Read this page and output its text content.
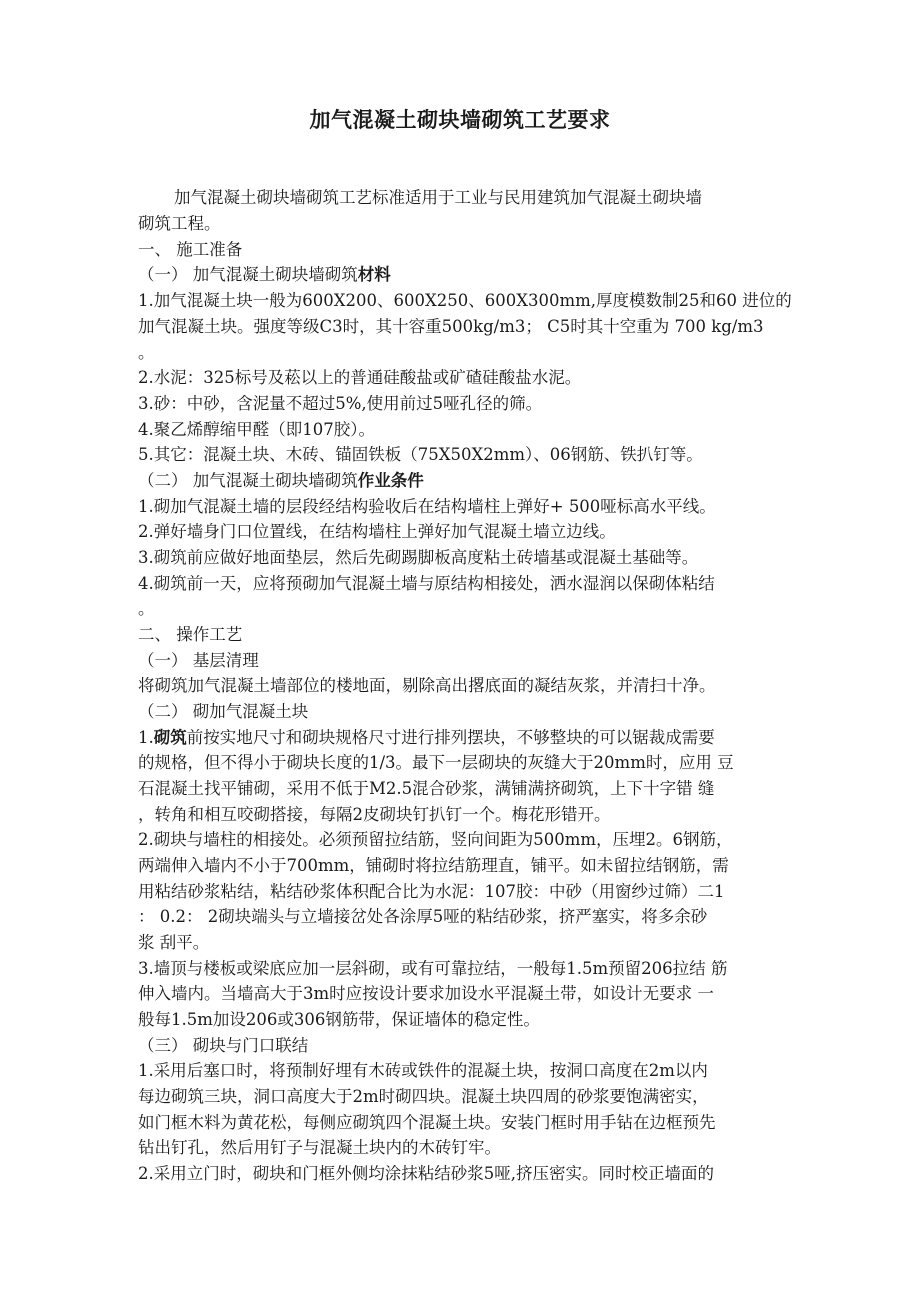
加气混凝土砌块墙砌筑工艺要求
加气混凝土砌块墙砌筑工艺标准适用于工业与民用建筑加气混凝土砌块墙
砌筑工程。
一、 施工准备
（一） 加气混凝土砌块墙砌筑材料
1.加气混凝土块一般为600X200、600X250、600X300mm,厚度模数制25和60 进位的
加气混凝土块。强度等级C3时，其十容重500kg/m3； C5时其十空重为 700 kg/m3
。
2.水泥：325标号及菘以上的普通硅酸盐或矿碴硅酸盐水泥。
3.砂：中砂，含泥量不超过5%,使用前过5哑孔径的筛。
4.聚乙烯醇缩甲醛（即107胶）。
5.其它：混凝土块、木砖、锚固铁板（75X50X2mm）、06钢筋、铁扒钉等。
（二） 加气混凝土砌块墙砌筑作业条件
1.砌加气混凝土墙的层段经结构验收后在结构墙柱上弹好+ 500哑标高水平线。
2.弹好墙身门口位置线，在结构墙柱上弹好加气混凝土墙立边线。
3.砌筑前应做好地面垫层，然后先砌踢脚板高度粘土砖墙基或混凝土基础等。
4.砌筑前一天，应将预砌加气混凝土墙与原结构相接处，洒水湿润以保砌体粘结
。
二、 操作工艺
（一） 基层清理
将砌筑加气混凝土墙部位的楼地面，剔除高出撂底面的凝结灰浆，并清扫十净。
（二） 砌加气混凝土块
1.砌筑前按实地尺寸和砌块规格尺寸进行排列摆块，不够整块的可以锯裁成需要
的规格，但不得小于砌块长度的1/3。最下一层砌块的灰缝大于20mm时，应用 豆
石混凝土找平铺砌，采用不低于M2.5混合砂浆，满铺满挤砌筑，上下十字错 缝
，转角和相互咬砌搭接，每隔2皮砌块钉扒钉一个。梅花形错开。
2.砌块与墙柱的相接处。必须预留拉结筋，竖向间距为500mm，压埋2。6钢筋，
两端伸入墙内不小于700mm，铺砌时将拉结筋理直，铺平。如未留拉结钢筋，需
用粘结砂浆粘结，粘结砂浆体积配合比为水泥：107胶：中砂（用窗纱过筛）二1
： 0.2： 2砌块端头与立墙接岔处各涂厚5哑的粘结砂浆，挤严塞实，将多余砂
浆 刮平。
3.墙顶与楼板或梁底应加一层斜砌，或有可靠拉结，一般每1.5m预留206拉结 筋
伸入墙内。当墙高大于3m时应按设计要求加设水平混凝土带，如设计无要求 一
般每1.5m加设206或306钢筋带，保证墙体的稳定性。
（三） 砌块与门口联结
1.采用后塞口时，将预制好埋有木砖或铁件的混凝土块，按洞口高度在2m以内
每边砌筑三块，洞口高度大于2m时砌四块。混凝土块四周的砂浆要饱满密实，
如门框木料为黄花松，每侧应砌筑四个混凝土块。安装门框时用手钻在边框预先
钻出钉孔，然后用钉子与混凝土块内的木砖钉牢。
2.采用立门时，砌块和门框外侧均涂抹粘结砂浆5哑,挤压密实。同时校正墙面的
